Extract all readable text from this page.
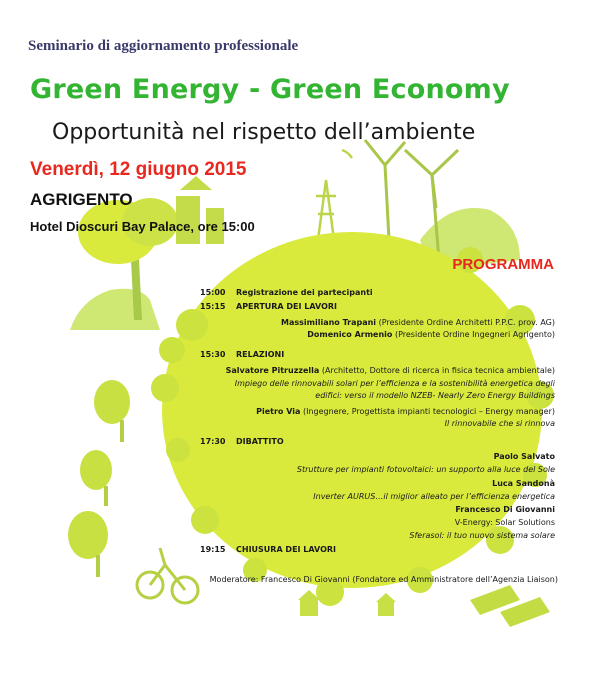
Seminario di aggiornamento professionale
Green Energy - Green Economy
Opportunità nel rispetto dell’ambiente
Venerdì, 12 giugno 2015
AGRIGENTO
Hotel Dioscuri Bay Palace, ore 15:00
PROGRAMMA
15:00 Registrazione dei partecipanti
15:15 APERTURA DEI LAVORI
Massimiliano Trapani (Presidente Ordine Architetti P.P.C. prov. AG)
Domenico Armenio (Presidente Ordine Ingegneri Agrigento)
15:30 RELAZIONI
Salvatore Pitruzzella (Architetto, Dottore di ricerca in fisica tecnica ambientale)
Impiego delle rinnovabili solari per l’efficienza e la sostenibilità energetica degli
edifici: verso il modello NZEB- Nearly Zero Energy Buildings
Pietro Via (Ingegnere, Progettista impianti tecnologici – Energy manager)
Il rinnovabile che si rinnova
17:30 DIBATTITO
Paolo Salvato
Strutture per impianti fotovoltaici: un supporto alla luce del Sole
Luca Sandonà
Inverter AURUS…il miglior alleato per l’efficienza energetica
Francesco Di Giovanni
V-Energy: Solar Solutions
Sferasol: il tuo nuovo sistema solare
19:15 CHIUSURA DEI LAVORI
Moderatore: Francesco Di Giovanni (Fondatore ed Amministratore dell’Agenzia Liaison)
